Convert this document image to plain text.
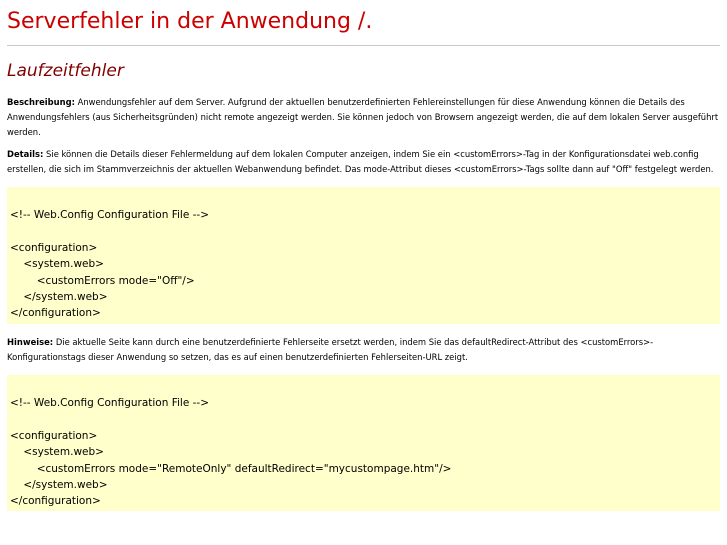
Serverfehler in der Anwendung /.
Laufzeitfehler
Beschreibung: Anwendungsfehler auf dem Server. Aufgrund der aktuellen benutzerdefinierten Fehlereinstellungen für diese Anwendung können die Details des Anwendungsfehlers (aus Sicherheitsgründen) nicht remote angezeigt werden. Sie können jedoch von Browsern angezeigt werden, die auf dem lokalen Server ausgeführt werden.
Details: Sie können die Details dieser Fehlermeldung auf dem lokalen Computer anzeigen, indem Sie ein <customErrors>-Tag in der Konfigurationsdatei web.config erstellen, die sich im Stammverzeichnis der aktuellen Webanwendung befindet. Das mode-Attribut dieses <customErrors>-Tags sollte dann auf "Off" festgelegt werden.
<!-- Web.Config Configuration File -->
<configuration>
<system.web>
<customErrors mode="Off"/>
</system.web>
</configuration>
Hinweise: Die aktuelle Seite kann durch eine benutzerdefinierte Fehlerseite ersetzt werden, indem Sie das defaultRedirect-Attribut des <customErrors>-Konfigurationstags dieser Anwendung so setzen, das es auf einen benutzerdefinierten Fehlerseiten-URL zeigt.
<!-- Web.Config Configuration File -->
<configuration>
<system.web>
<customErrors mode="RemoteOnly" defaultRedirect="mycustompage.htm"/>
</system.web>
</configuration>
